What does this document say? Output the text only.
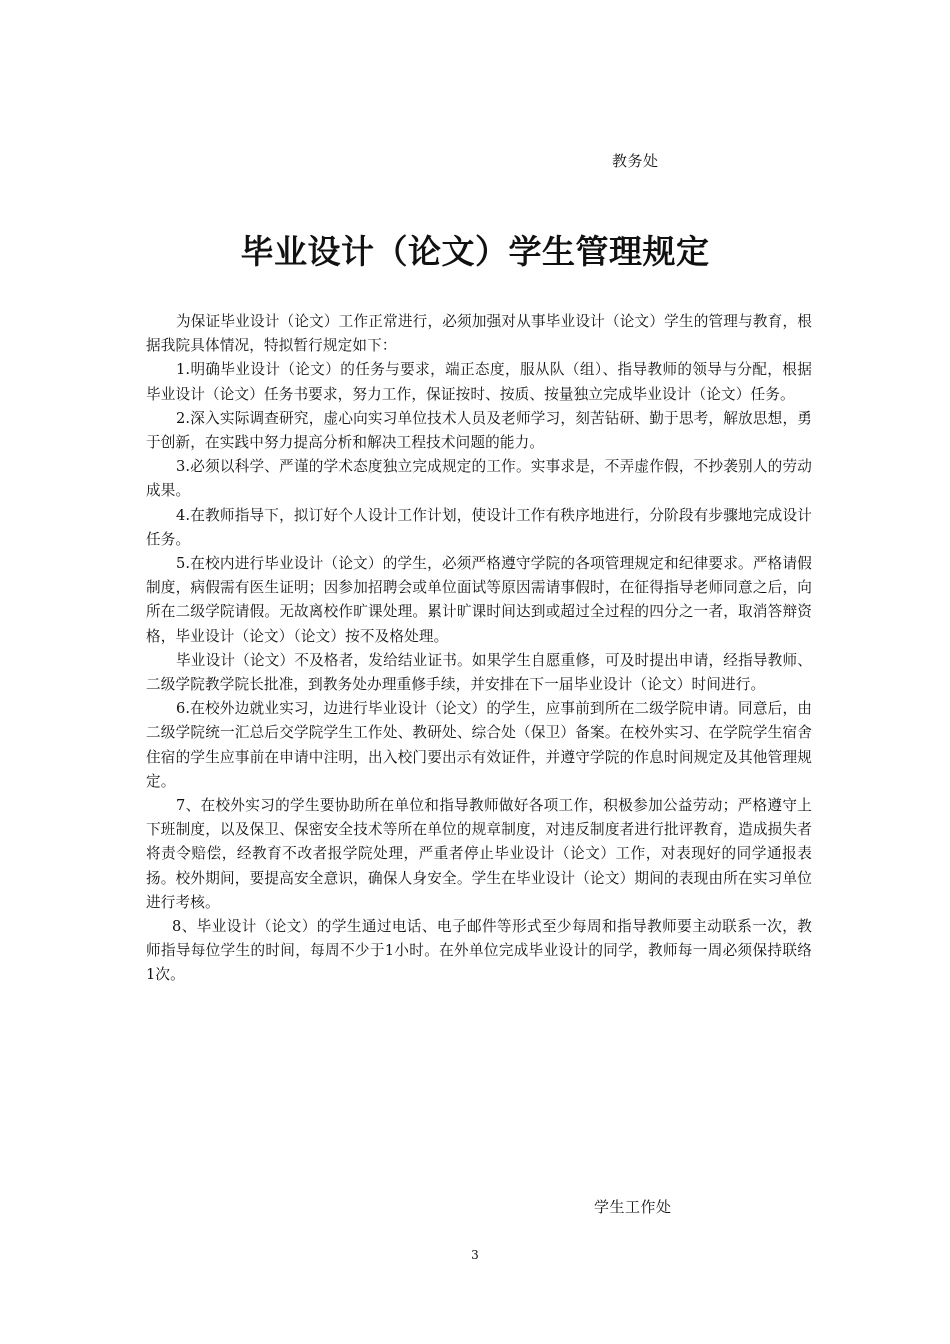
教务处
毕业设计（论文）学生管理规定

为保证毕业设计（论文）工作正常进行，必须加强对从事毕业设计（论文）学生的管理与教育，根据我院具体情况，特拟暂行规定如下：

1.明确毕业设计（论文）的任务与要求，端正态度，服从队（组）、指导教师的领导与分配，根据毕业设计（论文）任务书要求，努力工作，保证按时、按质、按量独立完成毕业设计（论文）任务。

2.深入实际调查研究，虚心向实习单位技术人员及老师学习，刻苦钻研、勤于思考，解放思想，勇于创新，在实践中努力提高分析和解决工程技术问题的能力。

3.必须以科学、严谨的学术态度独立完成规定的工作。实事求是，不弄虚作假，不抄袭别人的劳动成果。

4.在教师指导下，拟订好个人设计工作计划，使设计工作有秩序地进行，分阶段有步骤地完成设计任务。

5.在校内进行毕业设计（论文）的学生，必须严格遵守学院的各项管理规定和纪律要求。严格请假制度，病假需有医生证明；因参加招聘会或单位面试等原因需请事假时，在征得指导老师同意之后，向所在二级学院请假。无故离校作旷课处理。累计旷课时间达到或超过全过程的四分之一者，取消答辩资格，毕业设计（论文）（论文）按不及格处理。

毕业设计（论文）不及格者，发给结业证书。如果学生自愿重修，可及时提出申请，经指导教师、二级学院教学院长批准，到教务处办理重修手续，并安排在下一届毕业设计（论文）时间进行。

6.在校外边就业实习，边进行毕业设计（论文）的学生，应事前到所在二级学院申请。同意后，由二级学院统一汇总后交学院学生工作处、教研处、综合处（保卫）备案。在校外实习、在学院学生宿舍住宿的学生应事前在申请中注明，出入校门要出示有效证件，并遵守学院的作息时间规定及其他管理规定。

7、在校外实习的学生要协助所在单位和指导教师做好各项工作，积极参加公益劳动；严格遵守上下班制度，以及保卫、保密安全技术等所在单位的规章制度，对违反制度者进行批评教育，造成损失者将责令赔偿，经教育不改者报学院处理，严重者停止毕业设计（论文）工作，对表现好的同学通报表扬。校外期间，要提高安全意识，确保人身安全。学生在毕业设计（论文）期间的表现由所在实习单位进行考核。

8、毕业设计（论文）的学生通过电话、电子邮件等形式至少每周和指导教师要主动联系一次，教师指导每位学生的时间，每周不少于1小时。在外单位完成毕业设计的同学，教师每一周必须保持联络1次。

学生工作处
3
